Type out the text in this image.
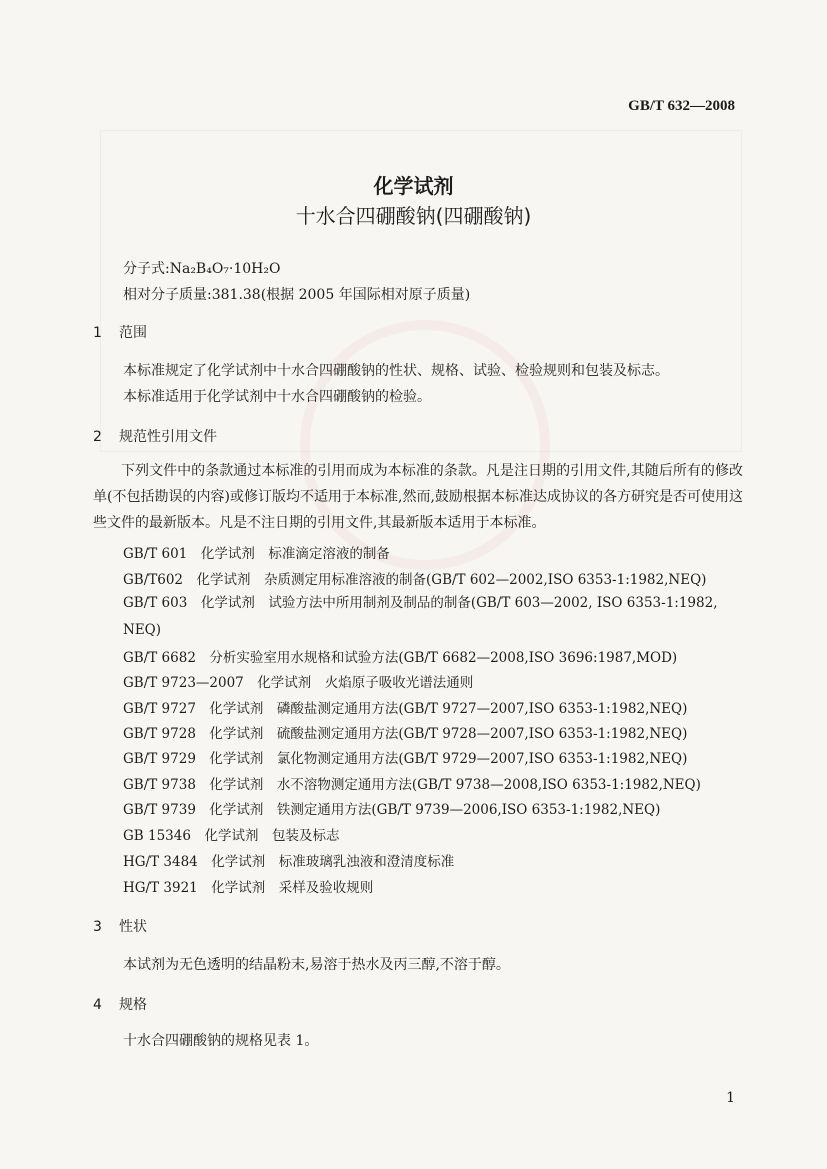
GB/T 632—2008
化学试剂
十水合四硼酸钠(四硼酸钠)
分子式:Na₂B₄O₇·10H₂O
相对分子质量:381.38(根据 2005 年国际相对原子质量)
1 范围
本标准规定了化学试剂中十水合四硼酸钠的性状、规格、试验、检验规则和包装及标志。
本标准适用于化学试剂中十水合四硼酸钠的检验。
2 规范性引用文件
下列文件中的条款通过本标准的引用而成为本标准的条款。凡是注日期的引用文件,其随后所有的修改单(不包括勘误的内容)或修订版均不适用于本标准,然而,鼓励根据本标准达成协议的各方研究是否可使用这些文件的最新版本。凡是不注日期的引用文件,其最新版本适用于本标准。
GB/T 601　化学试剂　标准滴定溶液的制备
GB/T602　化学试剂　杂质测定用标准溶液的制备(GB/T 602—2002,ISO 6353-1:1982,NEQ)
GB/T 603　化学试剂　试验方法中所用制剂及制品的制备(GB/T 603—2002, ISO 6353-1:1982, NEQ)
GB/T 6682　分析实验室用水规格和试验方法(GB/T 6682—2008,ISO 3696:1987,MOD)
GB/T 9723—2007　化学试剂　火焰原子吸收光谱法通则
GB/T 9727　化学试剂　磷酸盐测定通用方法(GB/T 9727—2007,ISO 6353-1:1982,NEQ)
GB/T 9728　化学试剂　硫酸盐测定通用方法(GB/T 9728—2007,ISO 6353-1:1982,NEQ)
GB/T 9729　化学试剂　氯化物测定通用方法(GB/T 9729—2007,ISO 6353-1:1982,NEQ)
GB/T 9738　化学试剂　水不溶物测定通用方法(GB/T 9738—2008,ISO 6353-1:1982,NEQ)
GB/T 9739　化学试剂　铁测定通用方法(GB/T 9739—2006,ISO 6353-1:1982,NEQ)
GB 15346　化学试剂　包装及标志
HG/T 3484　化学试剂　标准玻璃乳浊液和澄清度标准
HG/T 3921　化学试剂　采样及验收规则
3 性状
本试剂为无色透明的结晶粉末,易溶于热水及丙三醇,不溶于醇。
4 规格
十水合四硼酸钠的规格见表 1。
1
